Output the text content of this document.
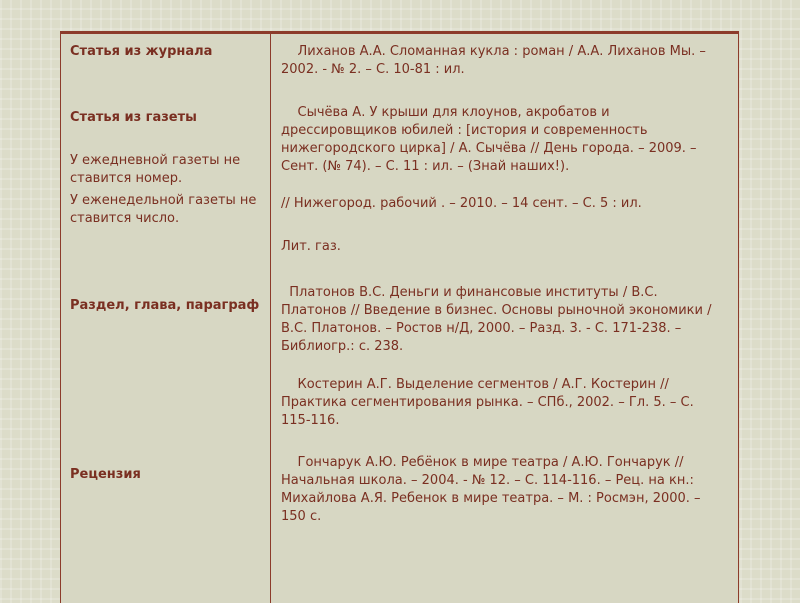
Статья из журнала
Статья из газеты
У ежедневной газеты не ставится номер.
У еженедельной газеты не ставится число.
Раздел, глава, параграф
Рецензия
Лиханов А.А. Сломанная кукла : роман / А.А. Лиханов Мы. – 2002. - № 2. – С. 10-81 : ил.
Сычёва А. У крыши для клоунов, акробатов и дрессировщиков юбилей : [история и современность нижегородского цирка] / А. Сычёва // День города. – 2009. – Сент. (№ 74). – С. 11 : ил. – (Знай наших!).
// Нижегород. рабочий . – 2010. – 14 сент. – С. 5 : ил.
Лит. газ.
Платонов В.С. Деньги и финансовые институты / В.С. Платонов // Введение в бизнес. Основы рыночной экономики / В.С. Платонов. – Ростов н/Д, 2000. – Разд. 3. - С. 171-238. – Библиогр.: с. 238.
Костерин А.Г. Выделение сегментов / А.Г. Костерин // Практика сегментирования рынка. – СПб., 2002. – Гл. 5. – С. 115-116.
Гончарук А.Ю. Ребёнок в мире театра / А.Ю. Гончарук // Начальная школа. – 2004. - № 12. – С. 114-116. – Рец. на кн.: Михайлова А.Я. Ребенок в мире театра. – М. : Росмэн, 2000. – 150 с.
